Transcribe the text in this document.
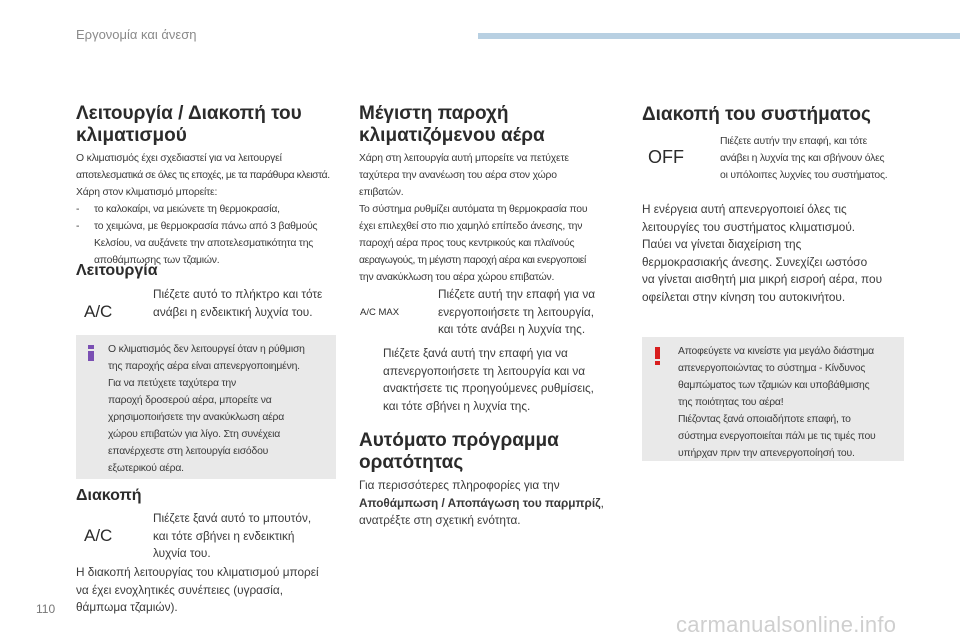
Εργονομία και άνεση
Λειτουργία / Διακοπή του
κλιματισμού
Ο κλιματισμός έχει σχεδιαστεί για να λειτουργεί
αποτελεσματικά σε όλες τις εποχές, με τα παράθυρα κλειστά.
Χάρη στον κλιματισμό μπορείτε:
-	το καλοκαίρι, να μειώνετε τη θερμοκρασία,
-	το χειμώνα, με θερμοκρασία πάνω από 3 βαθμούς
Κελσίου, να αυξάνετε την αποτελεσματικότητα της
αποθάμπωσης των τζαμιών.
Λειτουργία
A/C
Πιέζετε αυτό το πλήκτρο και τότε
ανάβει η ενδεικτική λυχνία του.
Ο κλιματισμός δεν λειτουργεί όταν η ρύθμιση
της παροχής αέρα είναι απενεργοποιημένη.
Για να πετύχετε ταχύτερα την
παροχή δροσερού αέρα, μπορείτε να
χρησιμοποιήσετε την ανακύκλωση αέρα
χώρου επιβατών για λίγο. Στη συνέχεια
επανέρχεστε στη λειτουργία εισόδου
εξωτερικού αέρα.
Διακοπή
A/C
Πιέζετε ξανά αυτό το μπουτόν,
και τότε σβήνει η ενδεικτική
λυχνία του.
Η διακοπή λειτουργίας του κλιματισμού μπορεί
να έχει ενοχλητικές συνέπειες (υγρασία,
θάμπωμα τζαμιών).
Μέγιστη παροχή
κλιματιζόμενου αέρα
Χάρη στη λειτουργία αυτή μπορείτε να πετύχετε
ταχύτερα την ανανέωση του αέρα στον χώρο
επιβατών.
Το σύστημα ρυθμίζει αυτόματα τη θερμοκρασία που
έχει επιλεχθεί στο πιο χαμηλό επίπεδο άνεσης, την
παροχή αέρα προς τους κεντρικούς και πλαϊνούς
αεραγωγούς, τη μέγιστη παροχή αέρα και ενεργοποιεί
την ανακύκλωση του αέρα χώρου επιβατών.
A/C MAX
Πιέζετε αυτή την επαφή για να
ενεργοποιήσετε τη λειτουργία,
και τότε ανάβει η λυχνία της.
Πιέζετε ξανά αυτή την επαφή για να
απενεργοποιήσετε τη λειτουργία και να
ανακτήσετε τις προηγούμενες ρυθμίσεις,
και τότε σβήνει η λυχνία της.
Αυτόματο πρόγραμμα
ορατότητας
Για περισσότερες πληροφορίες για την
Αποθάμπωση / Αποπάγωση του παρμπρίζ,
ανατρέξτε στη σχετική ενότητα.
Διακοπή του συστήματος
OFF
Πιέζετε αυτήν την επαφή, και τότε
ανάβει η λυχνία της και σβήνουν όλες
οι υπόλοιπες λυχνίες του συστήματος.
Η ενέργεια αυτή απενεργοποιεί όλες τις
λειτουργίες του συστήματος κλιματισμού.
Παύει να γίνεται διαχείριση της
θερμοκρασιακής άνεσης. Συνεχίζει ωστόσο
να γίνεται αισθητή μια μικρή εισροή αέρα, που
οφείλεται στην κίνηση του αυτοκινήτου.
Αποφεύγετε να κινείστε για μεγάλο διάστημα
απενεργοποιώντας το σύστημα - Κίνδυνος
θαμπώματος των τζαμιών και υποβάθμισης
της ποιότητας του αέρα!
Πιέζοντας ξανά οποιαδήποτε επαφή, το
σύστημα ενεργοποιείται πάλι με τις τιμές που
υπήρχαν πριν την απενεργοποίησή του.
110
carmanualsonline.info
